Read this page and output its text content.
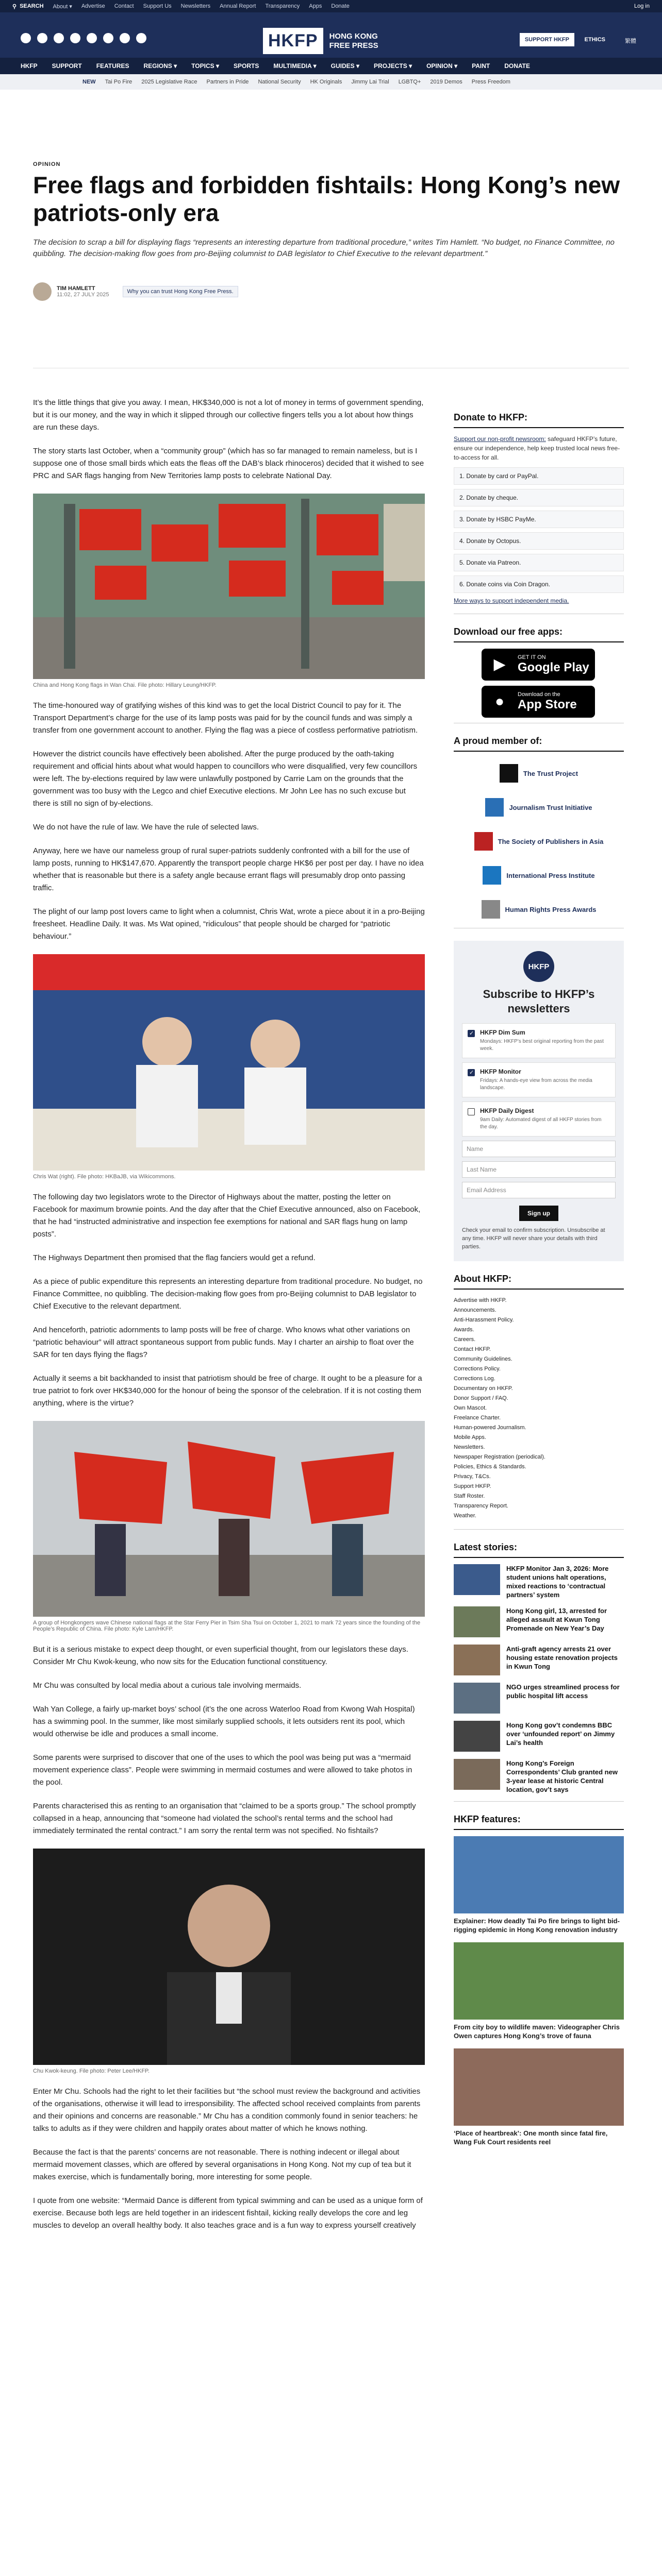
⚲ SEARCH About ▾ Advertise Contact Support Us Newsletters Annual Report Transparency Apps Donate	Log in
HKFP	HONG KONG
FREE PRESS
SUPPORT HKFP	ETHICS	繁體
HKFP SUPPORT FEATURES REGIONS ▾ TOPICS ▾ SPORTS MULTIMEDIA ▾ GUIDES ▾ PROJECTS ▾ OPINION ▾ PAINT DONATE
NEW Tai Po Fire 2025 Legislative Race Partners in Pride National Security HK Originals Jimmy Lai Trial LGBTQ+ 2019 Demos Press Freedom
OPINION
Free flags and forbidden fishtails: Hong Kong’s new patriots-only era
The decision to scrap a bill for displaying flags “represents an interesting departure from traditional procedure,” writes Tim Hamlett. “No budget, no Finance Committee, no quibbling. The decision-making flow goes from pro-Beijing columnist to DAB legislator to Chief Executive to the relevant department.”
TIM HAMLETT
11:02, 27 JULY 2025	Why you can trust Hong Kong Free Press.

It’s the little things that give you away. I mean, HK$340,000 is not a lot of money in terms of government spending, but it is our money, and the way in which it slipped through our collective fingers tells you a lot about how things are run these days.

The story starts last October, when a “community group” (which has so far managed to remain nameless, but is I suppose one of those small birds which eats the fleas off the DAB’s black rhinoceros) decided that it wished to see PRC and SAR flags hanging from New Territories lamp posts to celebrate National Day.

China and Hong Kong flags in Wan Chai. File photo: Hillary Leung/HKFP.

The time-honoured way of gratifying wishes of this kind was to get the local District Council to pay for it. The Transport Department’s charge for the use of its lamp posts was paid for by the council funds and was simply a transfer from one government account to another. Flying the flag was a piece of costless performative patriotism.

However the district councils have effectively been abolished. After the purge produced by the oath-taking requirement and official hints about what would happen to councillors who were disqualified, very few councillors were left. The by-elections required by law were unlawfully postponed by Carrie Lam on the grounds that the government was too busy with the Legco and chief Executive elections. Mr John Lee has no such excuse but there is still no sign of by-elections.

We do not have the rule of law. We have the rule of selected laws.

Anyway, here we have our nameless group of rural super-patriots suddenly confronted with a bill for the use of lamp posts, running to HK$147,670. Apparently the transport people charge HK$6 per post per day. I have no idea whether that is reasonable but there is a safety angle because errant flags will presumably drop onto passing traffic.

The plight of our lamp post lovers came to light when a columnist, Chris Wat, wrote a piece about it in a pro-Beijing freesheet. Headline Daily. It was. Ms Wat opined, “ridiculous” that people should be charged for “patriotic behaviour.”

Chris Wat (right). File photo: HKBaJB, via Wikicommons.

The following day two legislators wrote to the Director of Highways about the matter, posting the letter on Facebook for maximum brownie points. And the day after that the Chief Executive announced, also on Facebook, that he had “instructed administrative and inspection fee exemptions for national and SAR flags hung on lamp posts”.

The Highways Department then promised that the flag fanciers would get a refund.

As a piece of public expenditure this represents an interesting departure from traditional procedure. No budget, no Finance Committee, no quibbling. The decision-making flow goes from pro-Beijing columnist to DAB legislator to Chief Executive to the relevant department.

And henceforth, patriotic adornments to lamp posts will be free of charge. Who knows what other variations on “patriotic behaviour” will attract spontaneous support from public funds. May I charter an airship to float over the SAR for ten days flying the flags?

Actually it seems a bit backhanded to insist that patriotism should be free of charge. It ought to be a pleasure for a true patriot to fork over HK$340,000 for the honour of being the sponsor of the celebration. If it is not costing them anything, where is the virtue?

A group of Hongkongers wave Chinese national flags at the Star Ferry Pier in Tsim Sha Tsui on October 1, 2021 to mark 72 years since the founding of the People’s Republic of China. File photo: Kyle Lam/HKFP.

But it is a serious mistake to expect deep thought, or even superficial thought, from our legislators these days. Consider Mr Chu Kwok-keung, who now sits for the Education functional constituency.

Mr Chu was consulted by local media about a curious tale involving mermaids.

Wah Yan College, a fairly up-market boys’ school (it’s the one across Waterloo Road from Kwong Wah Hospital) has a swimming pool. In the summer, like most similarly supplied schools, it lets outsiders rent its pool, which would otherwise be idle and produces a small income.

Some parents were surprised to discover that one of the uses to which the pool was being put was a “mermaid movement experience class”. People were swimming in mermaid costumes and were allowed to take photos in the pool.

Parents characterised this as renting to an organisation that “claimed to be a sports group.” The school promptly collapsed in a heap, announcing that “someone had violated the school’s rental terms and the school had immediately terminated the rental contract.” I am sorry the rental term was not specified. No fishtails?

Chu Kwok-keung. File photo: Peter Lee/HKFP.

Enter Mr Chu. Schools had the right to let their facilities but “the school must review the background and activities of the organisations, otherwise it will lead to irresponsibility. The affected school received complaints from parents and their opinions and concerns are reasonable.” Mr Chu has a condition commonly found in senior teachers: he talks to adults as if they were children and happily orates about matter of which he knows nothing.

Because the fact is that the parents’ concerns are not reasonable. There is nothing indecent or illegal about mermaid movement classes, which are offered by several organisations in Hong Kong. Not my cup of tea but it makes exercise, which is fundamentally boring, more interesting for some people.

I quote from one website: “Mermaid Dance is different from typical swimming and can be used as a unique form of exercise. Because both legs are held together in an iridescent fishtail, kicking really develops the core and leg muscles to develop an overall healthy body. It also teaches grace and is a fun way to express yourself creatively

Donate to HKFP:
Support our non-profit newsroom: safeguard HKFP’s future, ensure our independence, help keep trusted local news free-to-access for all.
1. Donate by card or PayPal.
2. Donate by cheque.
3. Donate by HSBC PayMe.
4. Donate by Octopus.
5. Donate via Patreon.
6. Donate coins via Coin Dragon.
More ways to support independent media.
Download our free apps:
▶	GET IT ON
Google Play
●	Download on the
App Store
A proud member of:
The Trust Project
Journalism Trust Initiative
The Society of Publishers in Asia
International Press Institute
Human Rights Press Awards
HKFP
Subscribe to HKFP’s newsletters
✓
HKFP Dim Sum
Mondays: HKFP’s best original reporting from the past week.
✓
HKFP Monitor
Fridays: A hands-eye view from across the media landscape.
HKFP Daily Digest
9am Daily: Automated digest of all HKFP stories from the day.
Name
Last Name
Email Address
Sign up
Check your email to confirm subscription. Unsubscribe at any time. HKFP will never share your details with third parties.
About HKFP:
Advertise with HKFP.
Announcements.
Anti-Harassment Policy.
Awards.
Careers.
Contact HKFP.
Community Guidelines.
Corrections Policy.
Corrections Log.
Documentary on HKFP.
Donor Support / FAQ.
Own Mascot.
Freelance Charter.
Human-powered Journalism.
Mobile Apps.
Newsletters.
Newspaper Registration (periodical).
Policies, Ethics & Standards.
Privacy, T&Cs.
Support HKFP.
Staff Roster.
Transparency Report.
Weather.
Latest stories:
HKFP Monitor Jan 3, 2026: More student unions halt operations, mixed reactions to ‘contractual partners’ system
Hong Kong girl, 13, arrested for alleged assault at Kwun Tong Promenade on New Year’s Day
Anti-graft agency arrests 21 over housing estate renovation projects in Kwun Tong
NGO urges streamlined process for public hospital lift access
Hong Kong gov’t condemns BBC over ‘unfounded report’ on Jimmy Lai’s health
Hong Kong’s Foreign Correspondents’ Club granted new 3-year lease at historic Central location, gov’t says
HKFP features:
Explainer: How deadly Tai Po fire brings to light bid-rigging epidemic in Hong Kong renovation industry
From city boy to wildlife maven: Videographer Chris Owen captures Hong Kong’s trove of fauna
‘Place of heartbreak’: One month since fatal fire, Wang Fuk Court residents reel
